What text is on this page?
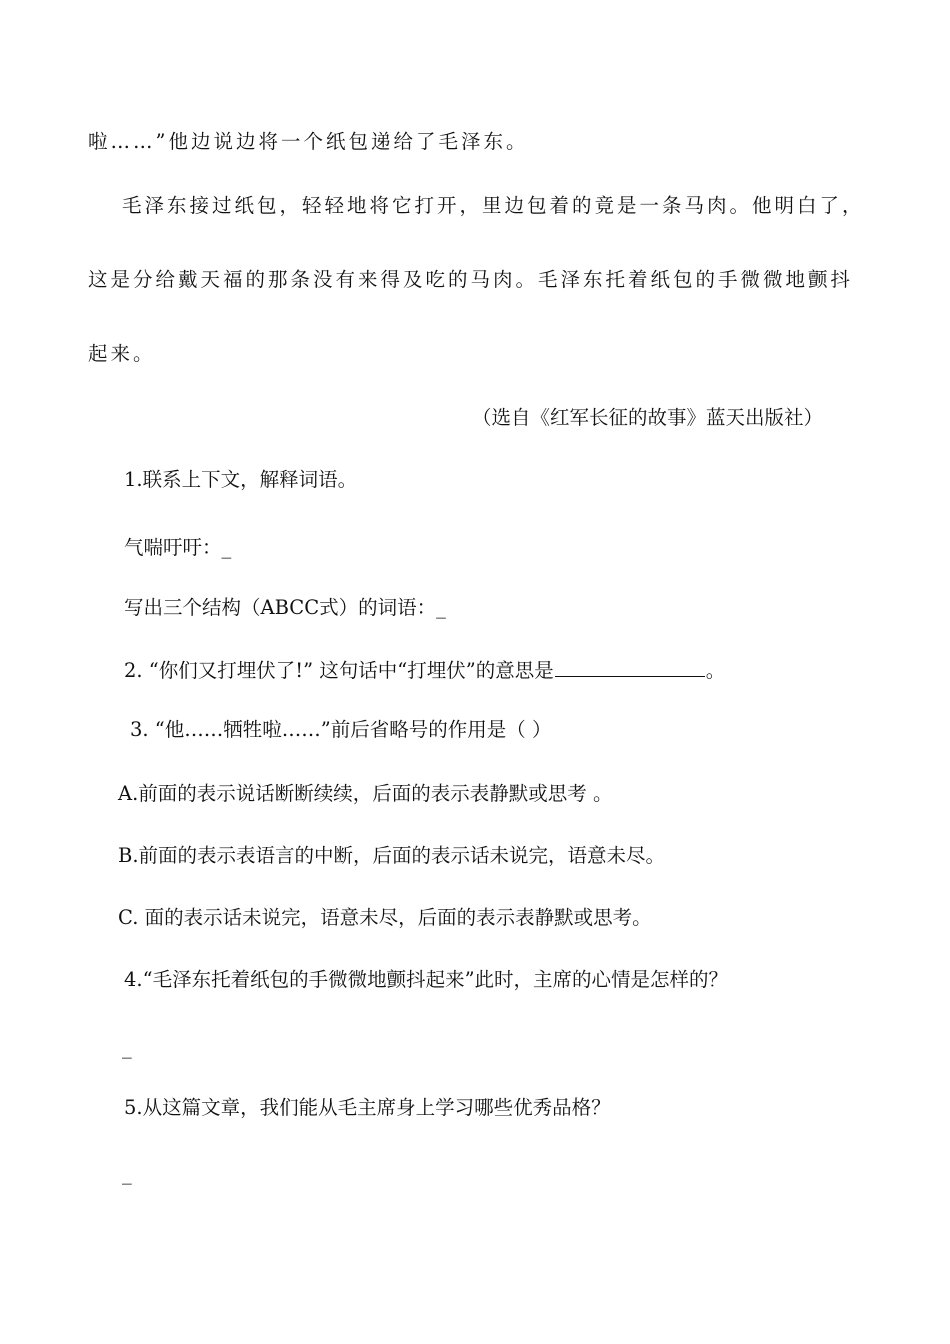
啦……”他边说边将一个纸包递给了毛泽东。
毛泽东接过纸包，轻轻地将它打开，里边包着的竟是一条马肉。他明白了，
这是分给戴天福的那条没有来得及吃的马肉。毛泽东托着纸包的手微微地颤抖
起来。
（选自《红军长征的故事》蓝天出版社）
1.联系上下文，解释词语。
气喘吁吁：_
写出三个结构（ABCC式）的词语：_
2. “你们又打埋伏了!” 这句话中“打埋伏”的意思是	。
3. “他……牺牲啦……”前后省略号的作用是（ ）
A.前面的表示说话断断续续，后面的表示表静默或思考 。
B.前面的表示表语言的中断，后面的表示话未说完，语意未尽。
C. 面的表示话未说完，语意未尽，后面的表示表静默或思考。
4.“毛泽东托着纸包的手微微地颤抖起来”此时，主席的心情是怎样的？
_
5.从这篇文章，我们能从毛主席身上学习哪些优秀品格？
_
